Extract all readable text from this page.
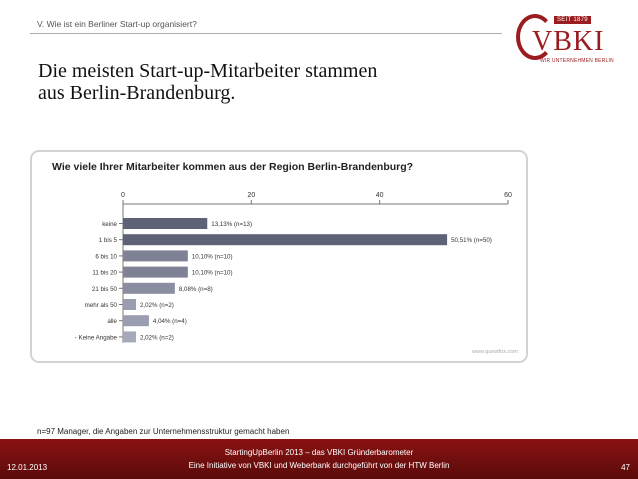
V. Wie ist ein Berliner Start-up organisiert?	SEIT 1879
VBKI
WIR UNTERNEHMEN BERLIN
Die meisten Start-up-Mitarbeiter stammen
aus Berlin-Brandenburg.
Wie viele Ihrer Mitarbeiter kommen aus der Region Berlin-Brandenburg?
0	20	40	60
keine	13,13% (n=13)
1 bis 5	50,51% (n=50)
6 bis 10	10,10% (n=10)
11 bis 20	10,10% (n=10)
21 bis 50	8,08% (n=8)
mehr als 50	2,02% (n=2)
alle	4,04% (n=4)
- Keine Angabe	2,02% (n=2)
www.questfox.com
n=97 Manager, die Angaben zur Unternehmensstruktur gemacht haben
12.01.2013
StartingUpBerlin 2013 – das VBKI Gründerbarometer
Eine Initiative von VBKI und Weberbank durchgeführt von der HTW Berlin	47
